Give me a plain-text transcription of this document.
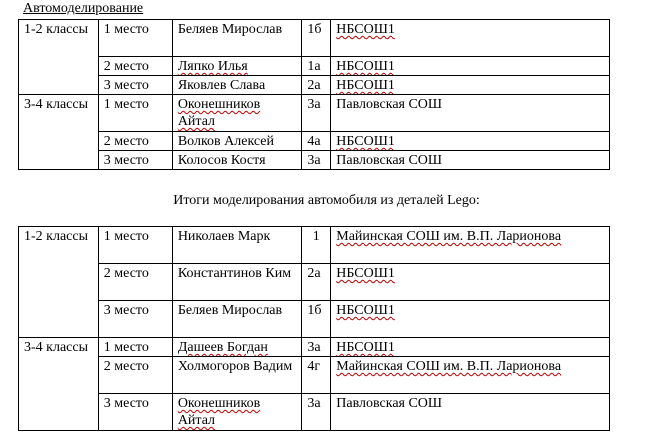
Автомоделирование
1-2 классы	1 место	Беляев Мирослав	1б	НБСОШ1
	2 место	Ляпко Илья	1а	НБСОШ1
	3 место	Яковлев Слава	2а	НБСОШ1
3-4 классы	1 место	Оконешников Айтал	3а	Павловская СОШ
	2 место	Волков Алексей	4а	НБСОШ1
	3 место	Колосов Костя	3а	Павловская СОШ
Итоги моделирования автомобиля из деталей Lego:
1-2 классы	1 место	Николаев Марк	1	Майинская СОШ им. В.П. Ларионова
	2 место	Константинов Ким	2а	НБСОШ1
	3 место	Беляев Мирослав	1б	НБСОШ1
3-4 классы	1 место	Дашеев Богдан	3а	НБСОШ1
	2 место	Холмогоров Вадим	4г	Майинская СОШ им. В.П. Ларионова
	3 место	Оконешников Айтал	3а	Павловская СОШ
